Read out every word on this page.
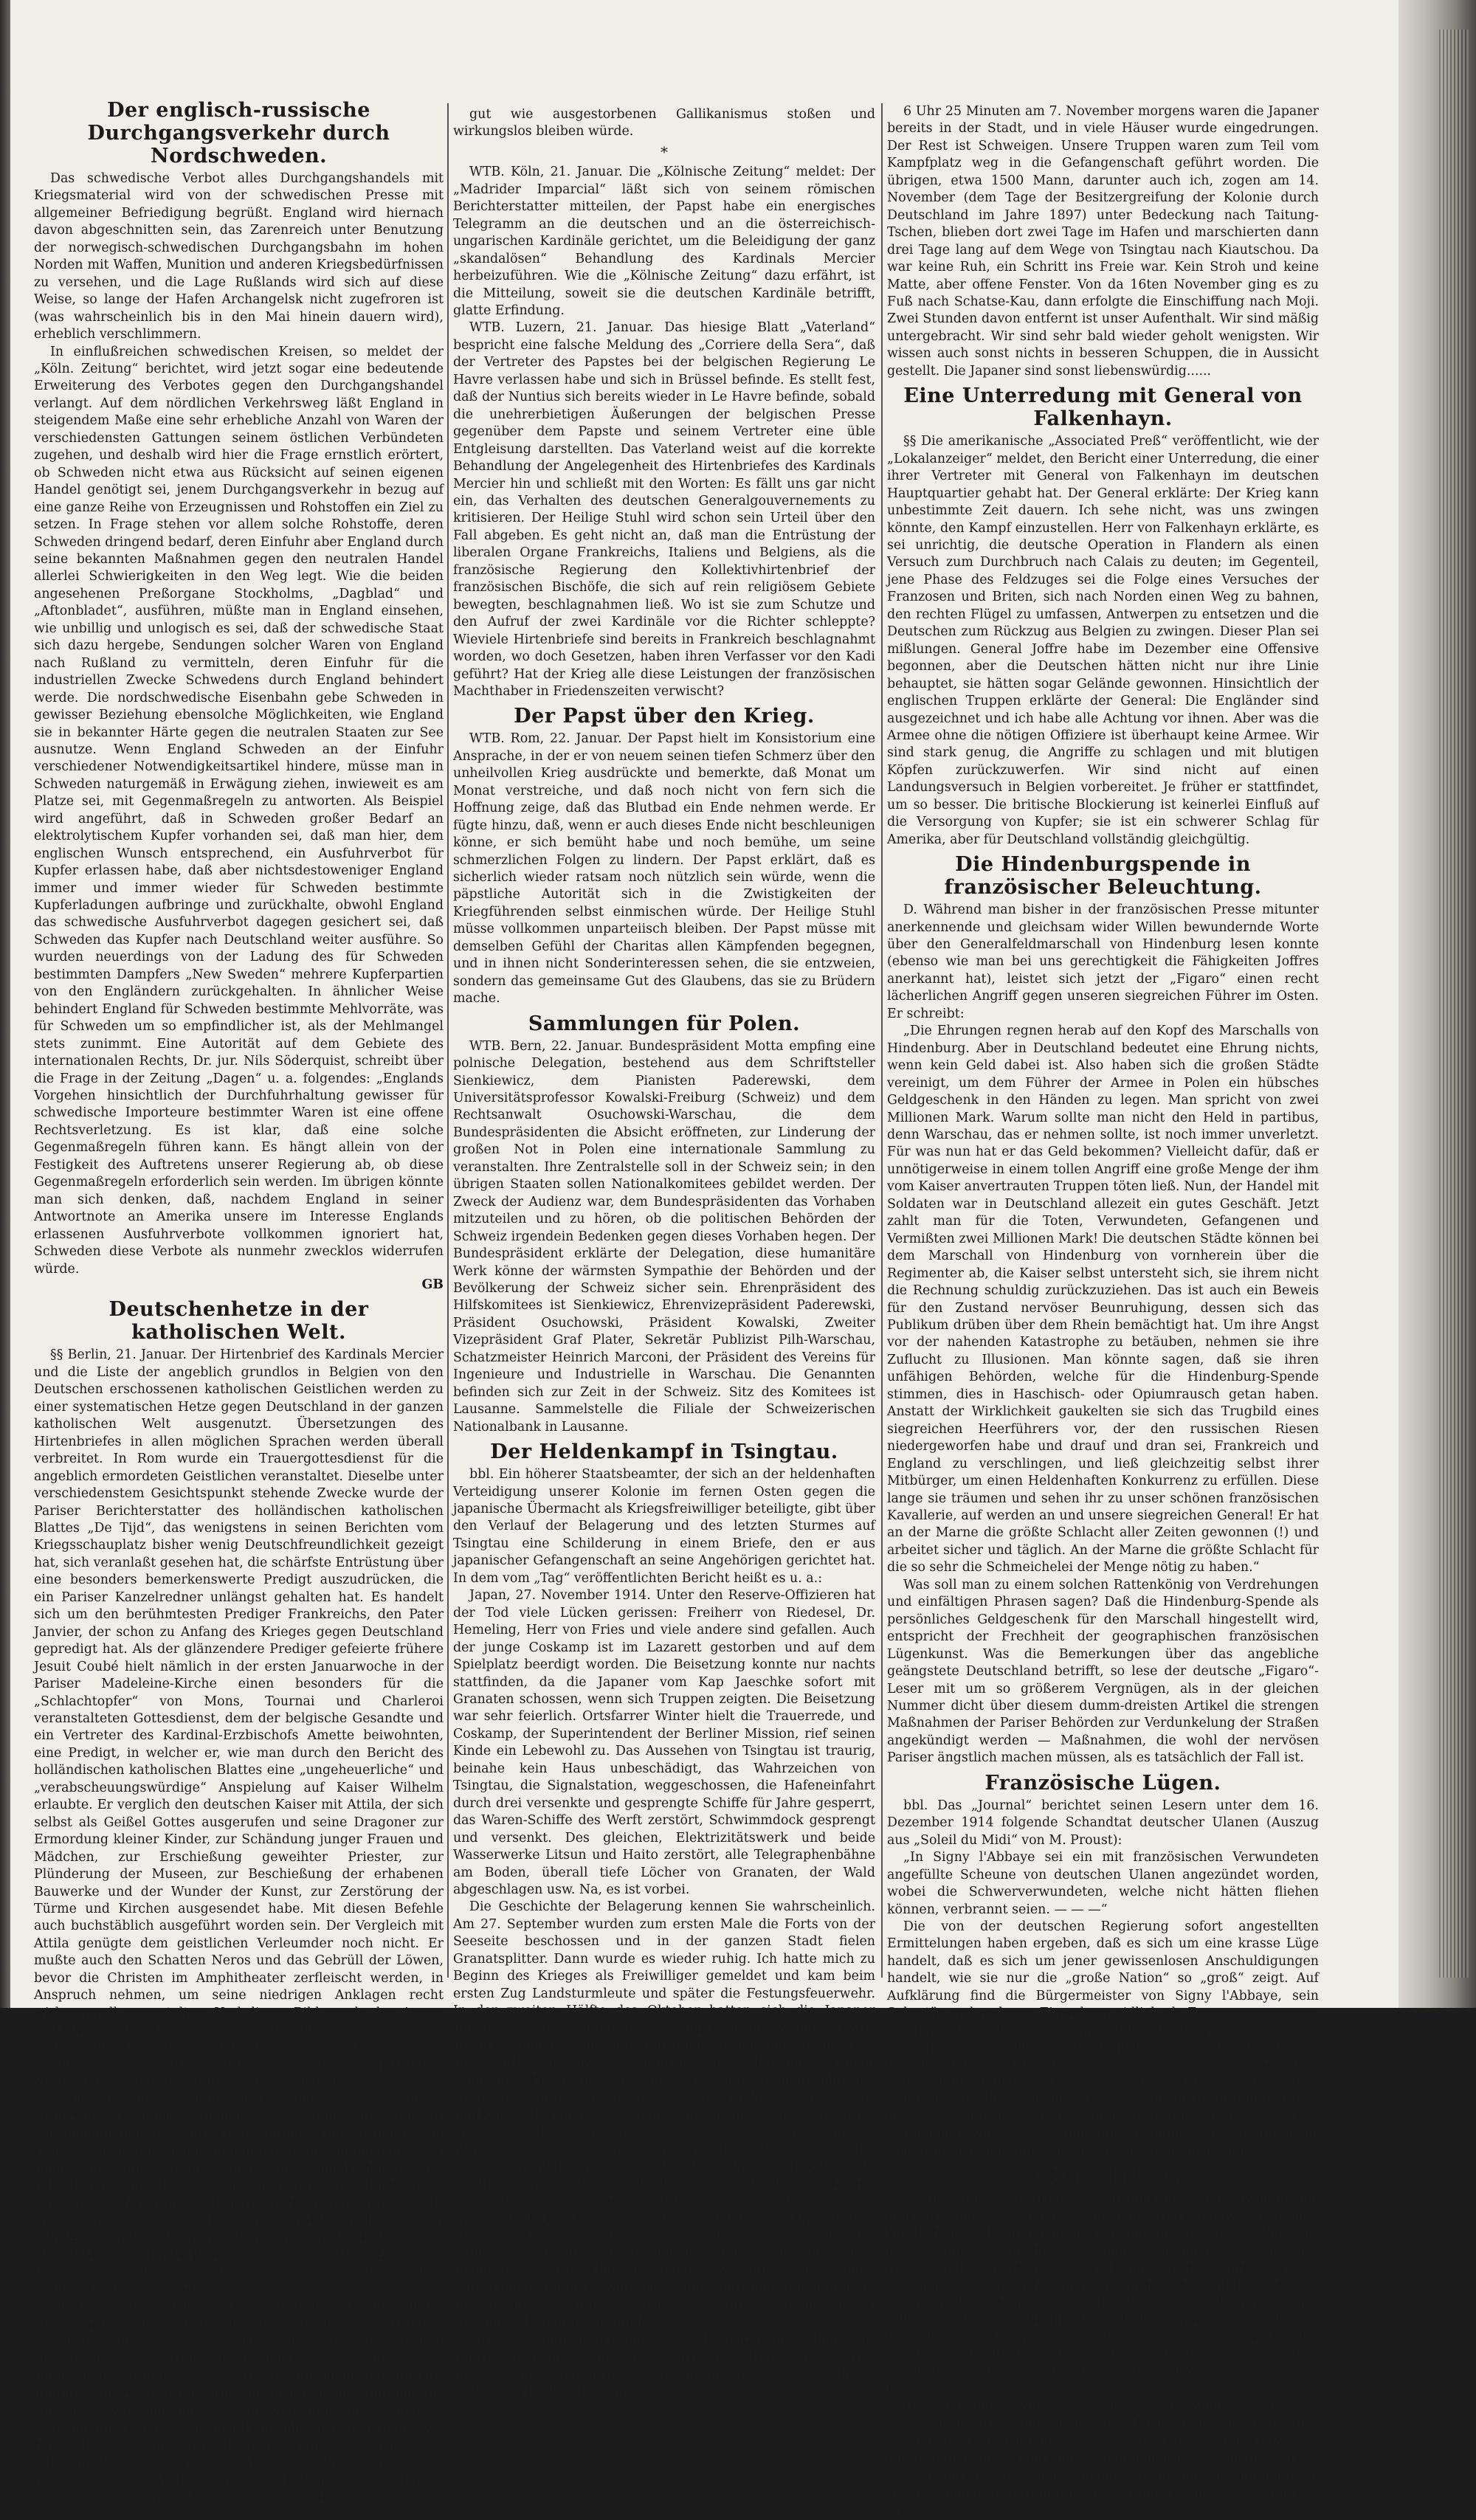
Der englisch-russische Durchgangsverkehr durch Nordschweden.

Das schwedische Verbot alles Durchgangshandels mit Kriegsmaterial wird von der schwedischen Presse mit allgemeiner Befriedigung begrüßt. England wird hiernach davon abgeschnitten sein, das Zarenreich unter Benutzung der norwegisch-schwedischen Durchgangsbahn im hohen Norden mit Waffen, Munition und anderen Kriegsbedürfnissen zu versehen, und die Lage Rußlands wird sich auf diese Weise, so lange der Hafen Archangelsk nicht zugefroren ist (was wahrscheinlich bis in den Mai hinein dauern wird), erheblich verschlimmern.

In einflußreichen schwedischen Kreisen, so meldet der „Köln. Zeitung“ berichtet, wird jetzt sogar eine bedeutende Erweiterung des Verbotes gegen den Durchgangshandel verlangt. Auf dem nördlichen Verkehrsweg läßt England in steigendem Maße eine sehr erhebliche Anzahl von Waren der verschiedensten Gattungen seinem östlichen Verbündeten zugehen, und deshalb wird hier die Frage ernstlich erörtert, ob Schweden nicht etwa aus Rücksicht auf seinen eigenen Handel genötigt sei, jenem Durchgangsverkehr in bezug auf eine ganze Reihe von Erzeugnissen und Rohstoffen ein Ziel zu setzen. In Frage stehen vor allem solche Rohstoffe, deren Schweden dringend bedarf, deren Einfuhr aber England durch seine bekannten Maßnahmen gegen den neutralen Handel allerlei Schwierigkeiten in den Weg legt. Wie die beiden angesehenen Preßorgane Stockholms, „Dagblad“ und „Aftonbladet“, ausführen, müßte man in England einsehen, wie unbillig und unlogisch es sei, daß der schwedische Staat sich dazu hergebe, Sendungen solcher Waren von England nach Rußland zu vermitteln, deren Einfuhr für die industriellen Zwecke Schwedens durch England behindert werde. Die nordschwedische Eisenbahn gebe Schweden in gewisser Beziehung ebensolche Möglichkeiten, wie England sie in bekannter Härte gegen die neutralen Staaten zur See ausnutze. Wenn England Schweden an der Einfuhr verschiedener Notwendigkeitsartikel hindere, müsse man in Schweden naturgemäß in Erwägung ziehen, inwieweit es am Platze sei, mit Gegenmaßregeln zu antworten. Als Beispiel wird angeführt, daß in Schweden großer Bedarf an elektrolytischem Kupfer vorhanden sei, daß man hier, dem englischen Wunsch entsprechend, ein Ausfuhrverbot für Kupfer erlassen habe, daß aber nichtsdestoweniger England immer und immer wieder für Schweden bestimmte Kupferladungen aufbringe und zurückhalte, obwohl England das schwedische Ausfuhrverbot dagegen gesichert sei, daß Schweden das Kupfer nach Deutschland weiter ausführe. So wurden neuerdings von der Ladung des für Schweden bestimmten Dampfers „New Sweden“ mehrere Kupferpartien von den Engländern zurückgehalten. In ähnlicher Weise behindert England für Schweden bestimmte Mehlvorräte, was für Schweden um so empfindlicher ist, als der Mehlmangel stets zunimmt. Eine Autorität auf dem Gebiete des internationalen Rechts, Dr. jur. Nils Söderquist, schreibt über die Frage in der Zeitung „Dagen“ u. a. folgendes: „Englands Vorgehen hinsichtlich der Durchfuhrhaltung gewisser für schwedische Importeure bestimmter Waren ist eine offene Rechtsverletzung. Es ist klar, daß eine solche Gegenmaßregeln führen kann. Es hängt allein von der Festigkeit des Auftretens unserer Regierung ab, ob diese Gegenmaßregeln erforderlich sein werden. Im übrigen könnte man sich denken, daß, nachdem England in seiner Antwortnote an Amerika unsere im Interesse Englands erlassenen Ausfuhrverbote vollkommen ignoriert hat, Schweden diese Verbote als nunmehr zwecklos widerrufen würde.

GB
Deutschenhetze in der katholischen Welt.

§§ Berlin, 21. Januar. Der Hirtenbrief des Kardinals Mercier und die Liste der angeblich grundlos in Belgien von den Deutschen erschossenen katholischen Geistlichen werden zu einer systematischen Hetze gegen Deutschland in der ganzen katholischen Welt ausgenutzt. Übersetzungen des Hirtenbriefes in allen möglichen Sprachen werden überall verbreitet. In Rom wurde ein Trauergottesdienst für die angeblich ermordeten Geistlichen veranstaltet. Dieselbe unter verschiedenstem Gesichtspunkt stehende Zwecke wurde der Pariser Berichterstatter des holländischen katholischen Blattes „De Tijd“, das wenigstens in seinen Berichten vom Kriegsschauplatz bisher wenig Deutschfreundlichkeit gezeigt hat, sich veranlaßt gesehen hat, die schärfste Entrüstung über eine besonders bemerkenswerte Predigt auszudrücken, die ein Pariser Kanzelredner unlängst gehalten hat. Es handelt sich um den berühmtesten Prediger Frankreichs, den Pater Janvier, der schon zu Anfang des Krieges gegen Deutschland gepredigt hat. Als der glänzendere Prediger gefeierte frühere Jesuit Coubé hielt nämlich in der ersten Januarwoche in der Pariser Madeleine-Kirche einen besonders für die „Schlachtopfer“ von Mons, Tournai und Charleroi veranstalteten Gottesdienst, dem der belgische Gesandte und ein Vertreter des Kardinal-Erzbischofs Amette beiwohnten, eine Predigt, in welcher er, wie man durch den Bericht des holländischen katholischen Blattes eine „ungeheuerliche“ und „verabscheuungswürdige“ Anspielung auf Kaiser Wilhelm erlaubte. Er verglich den deutschen Kaiser mit Attila, der sich selbst als Geißel Gottes ausgerufen und seine Dragoner zur Ermordung kleiner Kinder, zur Schändung junger Frauen und Mädchen, zur Erschießung geweihter Priester, zur Plünderung der Museen, zur Beschießung der erhabenen Bauwerke und der Wunder der Kunst, zur Zerstörung der Türme und Kirchen ausgesendet habe. Mit diesen Befehle auch buchstäblich ausgeführt worden sein. Der Vergleich mit Attila genügte dem geistlichen Verleumder noch nicht. Er mußte auch den Schatten Neros und das Gebrüll der Löwen, bevor die Christen im Amphitheater zerfleischt werden, in Anspruch nehmen, um seine niedrigen Anklagen recht wirkungsvoll zu gestalten. Und dieses Bild wurde den Augen und Ohren seiner frommen Zuhörer beschworen.

Der holländische Berichterstatter spricht die Hoffnung aus, Prediger wie Coubé würden von ihren geistlichen Vorgesetzten darauf aufmerksam gemacht werden, daß derartige zügellose Ausfälle die Religion der Liebe nur in Mißkredit bringen können. Er stellt in diesem Zusammenhange fest, daß dieses Verhalten das Verhalten der französischen Geistlichen gegenüber Deutschland entgegen, indem er sagt: „Bereits mehr als einmal haben sich mißbilligend auf die wirklich chauvinistische Maßlosigkeit eines Teiles der französischen Geistlichkeit hingewiesen, die wohl aus französischem Patriotismus schuldig macht an einem schmählichen Verhalten und dem Ansehen der katholischen Geistlichkeit, in der Welt nur schaden kann. Ganz besonders in den jüngsten Monaten sehr zurückhaltend über Deutschlands Feinde äußert.

Jetzt ist dieser Fanatismus zum Teil auch in Belgien übertragen worden, so daß bis die Kanzel der christlichen Kirche für solche fremde Zwecke benutzt wird. Das ist aber auch in der Pariser Hauptkirche, der Madeleine, der Kanzel mißbraucht worden ist.“ Es wäre zu wünschen, daß die von dem Berichterstatter der „Tijd“ ausgesprochene Hoffnung auf die Zurechtweisung der Prediger vom dem Gipfel nicht in Ermangelung fanatiker in Erfüllung gehe. Papst Benedikt XV. hat sich seit seiner Thronbesteigung die Geistlichkeit in solchem Sinne ermahnt. Es ist aber zu fürchten, daß bei den französischen Geistlichen eine Wiederholung dieser Mahnung des Papstes auf ein Wiedererwachen des Gott

gut wie ausgestorbenen Gallikanismus stoßen und wirkungslos bleiben würde.

*

WTB. Köln, 21. Januar. Die „Kölnische Zeitung“ meldet: Der „Madrider Imparcial“ läßt sich von seinem römischen Berichterstatter mitteilen, der Papst habe ein energisches Telegramm an die deutschen und an die österreichisch-ungarischen Kardinäle gerichtet, um die Beleidigung der ganz „skandalösen“ Behandlung des Kardinals Mercier herbeizuführen. Wie die „Kölnische Zeitung“ dazu erfährt, ist die Mitteilung, soweit sie die deutschen Kardinäle betrifft, glatte Erfindung.

WTB. Luzern, 21. Januar. Das hiesige Blatt „Vaterland“ bespricht eine falsche Meldung des „Corriere della Sera“, daß der Vertreter des Papstes bei der belgischen Regierung Le Havre verlassen habe und sich in Brüssel befinde. Es stellt fest, daß der Nuntius sich bereits wieder in Le Havre befinde, sobald die unehrerbietigen Äußerungen der belgischen Presse gegenüber dem Papste und seinem Vertreter eine üble Entgleisung darstellten. Das Vaterland weist auf die korrekte Behandlung der Angelegenheit des Hirtenbriefes des Kardinals Mercier hin und schließt mit den Worten: Es fällt uns gar nicht ein, das Verhalten des deutschen Generalgouvernements zu kritisieren. Der Heilige Stuhl wird schon sein Urteil über den Fall abgeben. Es geht nicht an, daß man die Entrüstung der liberalen Organe Frankreichs, Italiens und Belgiens, als die französische Regierung den Kollektivhirtenbrief der französischen Bischöfe, die sich auf rein religiösem Gebiete bewegten, beschlagnahmen ließ. Wo ist sie zum Schutze und den Aufruf der zwei Kardinäle vor die Richter schleppte? Wieviele Hirtenbriefe sind bereits in Frankreich beschlagnahmt worden, wo doch Gesetzen, haben ihren Verfasser vor den Kadi geführt? Hat der Krieg alle diese Leistungen der französischen Machthaber in Friedenszeiten verwischt?

Der Papst über den Krieg.

WTB. Rom, 22. Januar. Der Papst hielt im Konsistorium eine Ansprache, in der er von neuem seinen tiefen Schmerz über den unheilvollen Krieg ausdrückte und bemerkte, daß Monat um Monat verstreiche, und daß noch nicht von fern sich die Hoffnung zeige, daß das Blutbad ein Ende nehmen werde. Er fügte hinzu, daß, wenn er auch dieses Ende nicht beschleunigen könne, er sich bemüht habe und noch bemühe, um seine schmerzlichen Folgen zu lindern. Der Papst erklärt, daß es sicherlich wieder ratsam noch nützlich sein würde, wenn die päpstliche Autorität sich in die Zwistigkeiten der Kriegführenden selbst einmischen würde. Der Heilige Stuhl müsse vollkommen unparteiisch bleiben. Der Papst müsse mit demselben Gefühl der Charitas allen Kämpfenden begegnen, und in ihnen nicht Sonderinteressen sehen, die sie entzweien, sondern das gemeinsame Gut des Glaubens, das sie zu Brüdern mache.

Sammlungen für Polen.

WTB. Bern, 22. Januar. Bundespräsident Motta empfing eine polnische Delegation, bestehend aus dem Schriftsteller Sienkiewicz, dem Pianisten Paderewski, dem Universitätsprofessor Kowalski-Freiburg (Schweiz) und dem Rechtsanwalt Osuchowski-Warschau, die dem Bundespräsidenten die Absicht eröffneten, zur Linderung der großen Not in Polen eine internationale Sammlung zu veranstalten. Ihre Zentralstelle soll in der Schweiz sein; in den übrigen Staaten sollen Nationalkomitees gebildet werden. Der Zweck der Audienz war, dem Bundespräsidenten das Vorhaben mitzuteilen und zu hören, ob die politischen Behörden der Schweiz irgendein Bedenken gegen dieses Vorhaben hegen. Der Bundespräsident erklärte der Delegation, diese humanitäre Werk könne der wärmsten Sympathie der Behörden und der Bevölkerung der Schweiz sicher sein. Ehrenpräsident des Hilfskomitees ist Sienkiewicz, Ehrenvizepräsident Paderewski, Präsident Osuchowski, Präsident Kowalski, Zweiter Vizepräsident Graf Plater, Sekretär Publizist Pilh-Warschau, Schatzmeister Heinrich Marconi, der Präsident des Vereins für Ingenieure und Industrielle in Warschau. Die Genannten befinden sich zur Zeit in der Schweiz. Sitz des Komitees ist Lausanne. Sammelstelle die Filiale der Schweizerischen Nationalbank in Lausanne.

Der Heldenkampf in Tsingtau.

bbl. Ein höherer Staatsbeamter, der sich an der heldenhaften Verteidigung unserer Kolonie im fernen Osten gegen die japanische Übermacht als Kriegsfreiwilliger beteiligte, gibt über den Verlauf der Belagerung und des letzten Sturmes auf Tsingtau eine Schilderung in einem Briefe, den er aus japanischer Gefangenschaft an seine Angehörigen gerichtet hat. In dem vom „Tag“ veröffentlichten Bericht heißt es u. a.:

Japan, 27. November 1914. Unter den Reserve-Offizieren hat der Tod viele Lücken gerissen: Freiherr von Riedesel, Dr. Hemeling, Herr von Fries und viele andere sind gefallen. Auch der junge Coskamp ist im Lazarett gestorben und auf dem Spielplatz beerdigt worden. Die Beisetzung konnte nur nachts stattfinden, da die Japaner vom Kap Jaeschke sofort mit Granaten schossen, wenn sich Truppen zeigten. Die Beisetzung war sehr feierlich. Ortsfarrer Winter hielt die Trauerrede, und Coskamp, der Superintendent der Berliner Mission, rief seinen Kinde ein Lebewohl zu. Das Aussehen von Tsingtau ist traurig, beinahe kein Haus unbeschädigt, das Wahrzeichen von Tsingtau, die Signalstation, weggeschossen, die Hafeneinfahrt durch drei versenkte und gesprengte Schiffe für Jahre gesperrt, das Waren-Schiffe des Werft zerstört, Schwimmdock gesprengt und versenkt. Des gleichen, Elektrizitätswerk und beide Wasserwerke Litsun und Haito zerstört, alle Telegraphenbähne am Boden, überall tiefe Löcher von Granaten, der Wald abgeschlagen usw. Na, es ist vorbei.

Die Geschichte der Belagerung kennen Sie wahrscheinlich. Am 27. September wurden zum ersten Male die Forts von der Seeseite beschossen und in der ganzen Stadt fielen Granatsplitter. Dann wurde es wieder ruhig. Ich hatte mich zu Beginn des Krieges als Freiwilliger gemeldet und kam beim ersten Zug Landsturmleute und später die Festungsfeuerwehr. In der zweiten Hälfte des Oktober hatten sich die Japaner immer mehr an Tsingtau herangezogen. Unsere Artillerie hatte in den Wochen vorher gut getroffen, so daß die Japaner mit ihren Verlusten schwer geschont hatten. Die Japaner begannen dann ihre Infanterie-Werke in den letzten Wochen sehr gut ausgebaut worden waren unter Feuer zu nehmen, und es gab nun keinen Tag mehr, an dem die Stadt nicht beschossen wurde. Die Stadt selbst wurde nur wenig beschossen. Vor mann war nirgends mehr sicher. Auch die Lazarette, das Gouvernementslazarett, Lazarett Hotel Prinz Heinrich, Lazarett Hooft, Lazarett Faber-Krankenhaus, Lazarett Hochschule und Lazarett Seemannshaus wurden mehr oder weniger systematisch beschossen. In den Schlaffaal der katholischen Missionsschwestern war ein Schrapnell, warf eine Wand um, explodierte mit 900 Kugeln, daß die Steine zehn Meter hoch flogen und durchschlug die Balken; wie durch ein Wunder wurde keine von den zwölf Schwestern getroffen. An so ging es fort. Bei unsere Artillerie war uns zwei Europäer, einer schwer, der andere leichter verwundet.

Am 7. November, morgens drei Uhr setzte der allgemeine Angriff auf Tsingtau ein. Unsere Forts und Batterien verfeuerten ihre letzten Granaten und dann sprengten sie ihre Geschütze und flogen in die Luft. Um

6 Uhr 25 Minuten am 7. November morgens waren die Japaner bereits in der Stadt, und in viele Häuser wurde eingedrungen. Der Rest ist Schweigen. Unsere Truppen waren zum Teil vom Kampfplatz weg in die Gefangenschaft geführt worden. Die übrigen, etwa 1500 Mann, darunter auch ich, zogen am 14. November (dem Tage der Besitzergreifung der Kolonie durch Deutschland im Jahre 1897) unter Bedeckung nach Taitung-Tschen, blieben dort zwei Tage im Hafen und marschierten dann drei Tage lang auf dem Wege von Tsingtau nach Kiautschou. Da war keine Ruh, ein Schritt ins Freie war. Kein Stroh und keine Matte, aber offene Fenster. Von da 16ten November ging es zu Fuß nach Schatse-Kau, dann erfolgte die Einschiffung nach Moji. Zwei Stunden davon entfernt ist unser Aufenthalt. Wir sind mäßig untergebracht. Wir sind sehr bald wieder geholt wenigsten. Wir wissen auch sonst nichts in besseren Schuppen, die in Aussicht gestellt. Die Japaner sind sonst liebenswürdig......

Eine Unterredung mit General von Falkenhayn.

§§ Die amerikanische „Associated Preß“ veröffentlicht, wie der „Lokalanzeiger“ meldet, den Bericht einer Unterredung, die einer ihrer Vertreter mit General von Falkenhayn im deutschen Hauptquartier gehabt hat. Der General erklärte: Der Krieg kann unbestimmte Zeit dauern. Ich sehe nicht, was uns zwingen könnte, den Kampf einzustellen. Herr von Falkenhayn erklärte, es sei unrichtig, die deutsche Operation in Flandern als einen Versuch zum Durchbruch nach Calais zu deuten; im Gegenteil, jene Phase des Feldzuges sei die Folge eines Versuches der Franzosen und Briten, sich nach Norden einen Weg zu bahnen, den rechten Flügel zu umfassen, Antwerpen zu entsetzen und die Deutschen zum Rückzug aus Belgien zu zwingen. Dieser Plan sei mißlungen. General Joffre habe im Dezember eine Offensive begonnen, aber die Deutschen hätten nicht nur ihre Linie behauptet, sie hätten sogar Gelände gewonnen. Hinsichtlich der englischen Truppen erklärte der General: Die Engländer sind ausgezeichnet und ich habe alle Achtung vor ihnen. Aber was die Armee ohne die nötigen Offiziere ist überhaupt keine Armee. Wir sind stark genug, die Angriffe zu schlagen und mit blutigen Köpfen zurückzuwerfen. Wir sind nicht auf einen Landungsversuch in Belgien vorbereitet. Je früher er stattfindet, um so besser. Die britische Blockierung ist keinerlei Einfluß auf die Versorgung von Kupfer; sie ist ein schwerer Schlag für Amerika, aber für Deutschland vollständig gleichgültig.

Die Hindenburgspende in französischer Beleuchtung.

D. Während man bisher in der französischen Presse mitunter anerkennende und gleichsam wider Willen bewundernde Worte über den Generalfeldmarschall von Hindenburg lesen konnte (ebenso wie man bei uns gerechtigkeit die Fähigkeiten Joffres anerkannt hat), leistet sich jetzt der „Figaro“ einen recht lächerlichen Angriff gegen unseren siegreichen Führer im Osten. Er schreibt:

„Die Ehrungen regnen herab auf den Kopf des Marschalls von Hindenburg. Aber in Deutschland bedeutet eine Ehrung nichts, wenn kein Geld dabei ist. Also haben sich die großen Städte vereinigt, um dem Führer der Armee in Polen ein hübsches Geldgeschenk in den Händen zu legen. Man spricht von zwei Millionen Mark. Warum sollte man nicht den Held in partibus, denn Warschau, das er nehmen sollte, ist noch immer unverletzt. Für was nun hat er das Geld bekommen? Vielleicht dafür, daß er unnötigerweise in einem tollen Angriff eine große Menge der ihm vom Kaiser anvertrauten Truppen töten ließ. Nun, der Handel mit Soldaten war in Deutschland allezeit ein gutes Geschäft. Jetzt zahlt man für die Toten, Verwundeten, Gefangenen und Vermißten zwei Millionen Mark! Die deutschen Städte können bei dem Marschall von Hindenburg von vornherein über die Regimenter ab, die Kaiser selbst untersteht sich, sie ihrem nicht die Rechnung schuldig zurückzuziehen. Das ist auch ein Beweis für den Zustand nervöser Beunruhigung, dessen sich das Publikum drüben über dem Rhein bemächtigt hat. Um ihre Angst vor der nahenden Katastrophe zu betäuben, nehmen sie ihre Zuflucht zu Illusionen. Man könnte sagen, daß sie ihren unfähigen Behörden, welche für die Hindenburg-Spende stimmen, dies in Haschisch- oder Opiumrausch getan haben. Anstatt der Wirklichkeit gaukelten sie sich das Trugbild eines siegreichen Heerführers vor, der den russischen Riesen niedergeworfen habe und drauf und dran sei, Frankreich und England zu verschlingen, und ließ gleichzeitig selbst ihrer Mitbürger, um einen Heldenhaften Konkurrenz zu erfüllen. Diese lange sie träumen und sehen ihr zu unser schönen französischen Kavallerie, auf werden an und unsere siegreichen General! Er hat an der Marne die größte Schlacht aller Zeiten gewonnen (!) und arbeitet sicher und täglich. An der Marne die größte Schlacht für die so sehr die Schmeichelei der Menge nötig zu haben.“

Was soll man zu einem solchen Rattenkönig von Verdrehungen und einfältigen Phrasen sagen? Daß die Hindenburg-Spende als persönliches Geldgeschenk für den Marschall hingestellt wird, entspricht der Frechheit der geographischen französischen Lügenkunst. Was die Bemerkungen über das angebliche geängstete Deutschland betrifft, so lese der deutsche „Figaro“-Leser mit um so größerem Vergnügen, als in der gleichen Nummer dicht über diesem dumm-dreisten Artikel die strengen Maßnahmen der Pariser Behörden zur Verdunkelung der Straßen angekündigt werden — Maßnahmen, die wohl der nervösen Pariser ängstlich machen müssen, als es tatsächlich der Fall ist.

Französische Lügen.

bbl. Das „Journal“ berichtet seinen Lesern unter dem 16. Dezember 1914 folgende Schandtat deutscher Ulanen (Auszug aus „Soleil du Midi“ von M. Proust):

„In Signy l'Abbaye sei ein mit französischen Verwundeten angefüllte Scheune von deutschen Ulanen angezündet worden, wobei die Schwerverwundeten, welche nicht hätten fliehen können, verbrannt seien. — — —“

Die von der deutschen Regierung sofort angestellten Ermittelungen haben ergeben, daß es sich um eine krasse Lüge handelt, daß es sich um jener gewissenlosen Anschuldigungen handelt, wie sie nur die „große Nation“ so „groß“ zeigt. Auf Aufklärung find die Bürgermeister von Signy l'Abbaye, sein Sekretär und mehrere Einwohner eidlich als Zeugen vernommen worden. Sie haben ausgesagt, daß allerdings eine Scheune während des Gefechts am 28. August verbrannt ist, daß aber in ihr sich niemand befunden war; Verwundete seien vorher nach Signy und Saulces gebracht worden, und Franzosen und Deutsche; sie alle seien auch in einer Scheune untergebracht und dort von deutschen Ärzten aufopfernd ohne Unterschied der Nationalität versorgt worden; die Scheune stehe heute noch; weder in noch bei Signy sei ein Verwundeter verbrannt.

Hilfstätigkeit.

— Die Frage der Arbeitsvermittlung für Kriegsinvaliden hat den Vorstand des Verbandes Deutscher Arbeitsnachweise in einer kürzlich in Berlin abgehaltenen Sitzung beschäftigt. Der Verband hat an sämtliche angeschlossenen Deutschen Arbeitsnachweisverbände ein Rundschreiben erlassen, in welchem diese Angelegenheit besonders behandelt wird. Die Kriegsinvaliden können ebenfalls, die rege Beteiligung als eine selbstverständliche Pflicht der Arbeitsnachweis-Organisationen bezeichnet wird. Eine Sitzung des Ausschusses des Verbandes Deutscher Arbeitsnachweise in Berlin ist zusammen getreten, damit das Ergebnis zur Erörterung stand, ihre Lösung gefunden hat.

Den vielfachen Wünschen entgegenzukommen, richtet der Lette-Verein in Berlin einen Kriegskochkursus für bedürftige Frauen des Mittelstandes ein. Der Kochkursus soll theoretisch und praktisch die Frauen anleiten, den heutigen Bedürfnissen der Zeit Rechnung zu tragen, um mit Kosten der Bedingungen ist ausgezeichnet. Ein Honorar wird erhoben, um die Kosten der Kurses zu decken.
